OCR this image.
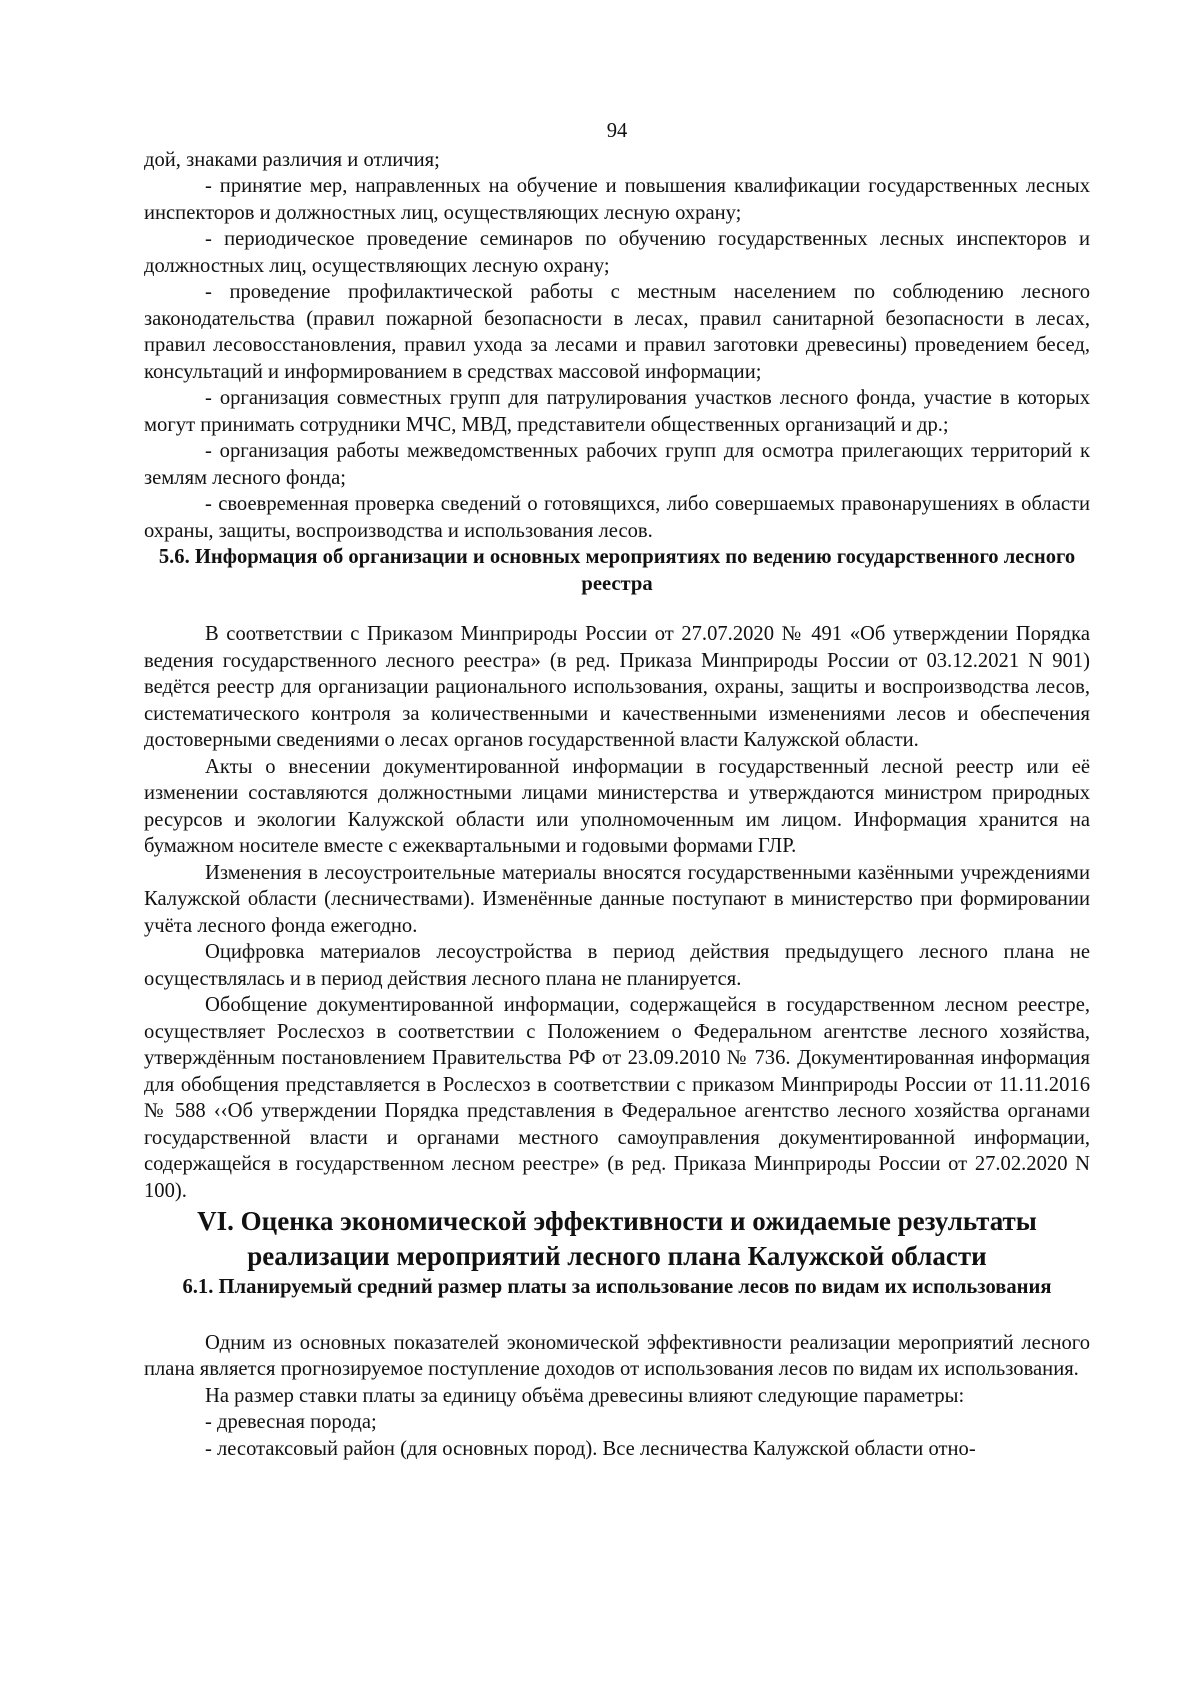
94

дой, знаками различия и отличия;

- принятие мер, направленных на обучение и повышения квалификации государственных лесных инспекторов и должностных лиц, осуществляющих лесную охрану;

- периодическое проведение семинаров по обучению государственных лесных инспекторов и должностных лиц, осуществляющих лесную охрану;

- проведение профилактической работы с местным населением по соблюдению лесного законодательства (правил пожарной безопасности в лесах, правил санитарной безопасности в лесах, правил лесовосстановления, правил ухода за лесами и правил заготовки древесины) проведением бесед, консультаций и информированием в средствах массовой информации;

- организация совместных групп для патрулирования участков лесного фонда, участие в которых могут принимать сотрудники МЧС, МВД, представители общественных организаций и др.;

- организация работы межведомственных рабочих групп для осмотра прилегающих территорий к землям лесного фонда;

- своевременная проверка сведений о готовящихся, либо совершаемых правонарушениях в области охраны, защиты, воспроизводства и использования лесов.

5.6. Информация об организации и основных мероприятиях по ведению государственного лесного реестра

В соответствии с Приказом Минприроды России от 27.07.2020 № 491 «Об утверждении Порядка ведения государственного лесного реестра» (в ред. Приказа Минприроды России от 03.12.2021 N 901) ведётся реестр для организации рационального использования, охраны, защиты и воспроизводства лесов, систематического контроля за количественными и качественными изменениями лесов и обеспечения достоверными сведениями о лесах органов государственной власти Калужской области.

Акты о внесении документированной информации в государственный лесной реестр или её изменении составляются должностными лицами министерства и утверждаются министром природных ресурсов и экологии Калужской области или уполномоченным им лицом. Информация хранится на бумажном носителе вместе с ежеквартальными и годовыми формами ГЛР.

Изменения в лесоустроительные материалы вносятся государственными казёнными учреждениями Калужской области (лесничествами). Изменённые данные поступают в министерство при формировании учёта лесного фонда ежегодно.

Оцифровка материалов лесоустройства в период действия предыдущего лесного плана не осуществлялась и в период действия лесного плана не планируется.

Обобщение документированной информации, содержащейся в государственном лесном реестре, осуществляет Рослесхоз в соответствии с Положением о Федеральном агентстве лесного хозяйства, утверждённым постановлением Правительства РФ от 23.09.2010 № 736. Документированная информация для обобщения представляется в Рослесхоз в соответствии с приказом Минприроды России от 11.11.2016 № 588 ‹‹Об утверждении Порядка представления в Федеральное агентство лесного хозяйства органами государственной власти и органами местного самоуправления документированной информации, содержащейся в государственном лесном реестре» (в ред. Приказа Минприроды России от 27.02.2020 N 100).

VI. Оценка экономической эффективности и ожидаемые результаты реализации мероприятий лесного плана Калужской области
6.1. Планируемый средний размер платы за использование лесов по видам их использования

Одним из основных показателей экономической эффективности реализации мероприятий лесного плана является прогнозируемое поступление доходов от использования лесов по видам их использования.

На размер ставки платы за единицу объёма древесины влияют следующие параметры:

- древесная порода;

- лесотаксовый район (для основных пород). Все лесничества Калужской области отно-
